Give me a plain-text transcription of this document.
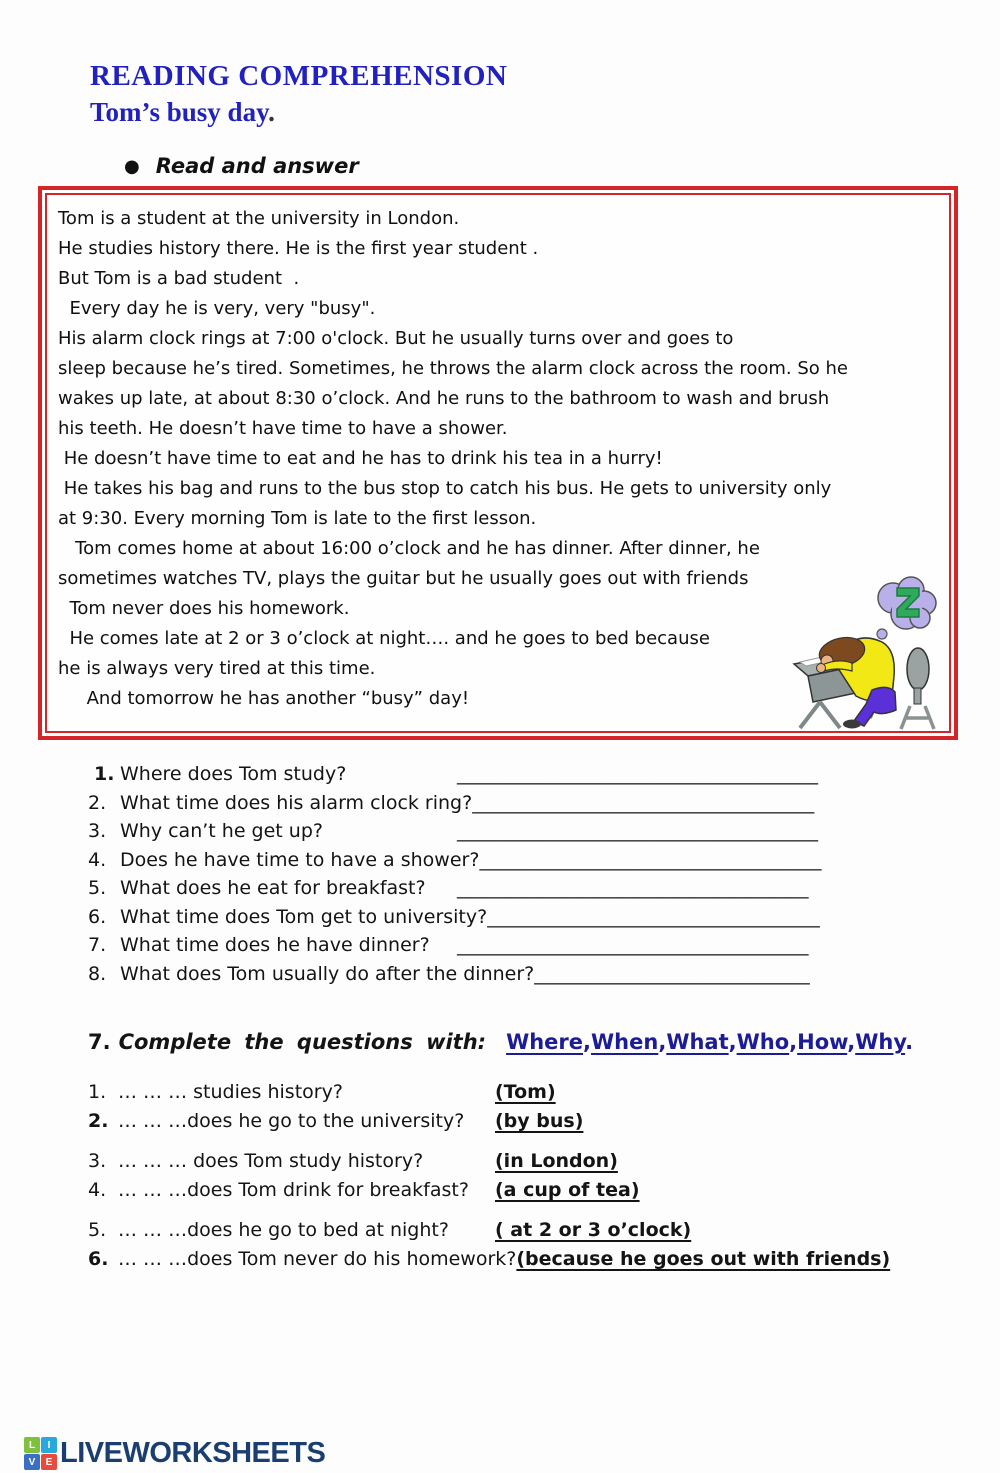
READING COMPREHENSION
Tom’s busy day.
● Read and answer
Tom is a student at the university in London.
He studies history there. He is the first year student .
But Tom is a bad student  .
Every day he is very, very "busy".
His alarm clock rings at 7:00 o'clock. But he usually turns over and goes to
sleep because he’s tired. Sometimes, he throws the alarm clock across the room. So he
wakes up late, at about 8:30 o’clock. And he runs to the bathroom to wash and brush
his teeth. He doesn’t have time to have a shower.
He doesn’t have time to eat and he has to drink his tea in a hurry!
He takes his bag and runs to the bus stop to catch his bus. He gets to university only
at 9:30. Every morning Tom is late to the first lesson.
Tom comes home at about 16:00 o’clock and he has dinner. After dinner, he
sometimes watches TV, plays the guitar but he usually goes out with friends
Tom never does his homework.
He comes late at 2 or 3 o’clock at night…. and he goes to bed because
he is always very tired at this time.
And tomorrow he has another “busy” day!
1. Where does Tom study?	______________________________________
2. What time does his alarm clock ring? ____________________________________
3. Why can’t he get up?	______________________________________
4. Does he have time to have a shower? ____________________________________
5. What does he eat for breakfast?	_____________________________________
6. What time does Tom get to university? ___________________________________
7. What time does he have dinner?	_____________________________________
8. What does Tom usually do after the dinner? _____________________________
7. Complete the questions with: Where,When,What,Who,How,Why.
1. … … … studies history?	(Tom)
2. … … …does he go to the university?	(by bus)
3. … … … does Tom study history?	(in London)
4. … … …does Tom drink for breakfast?	(a cup of tea)
5. … … …does he go to bed at night?	( at 2 or 3 o’clock)
6. … … …does Tom never do his homework? (because he goes out with friends)
L	I
V	E LIVEWORKSHEETS
